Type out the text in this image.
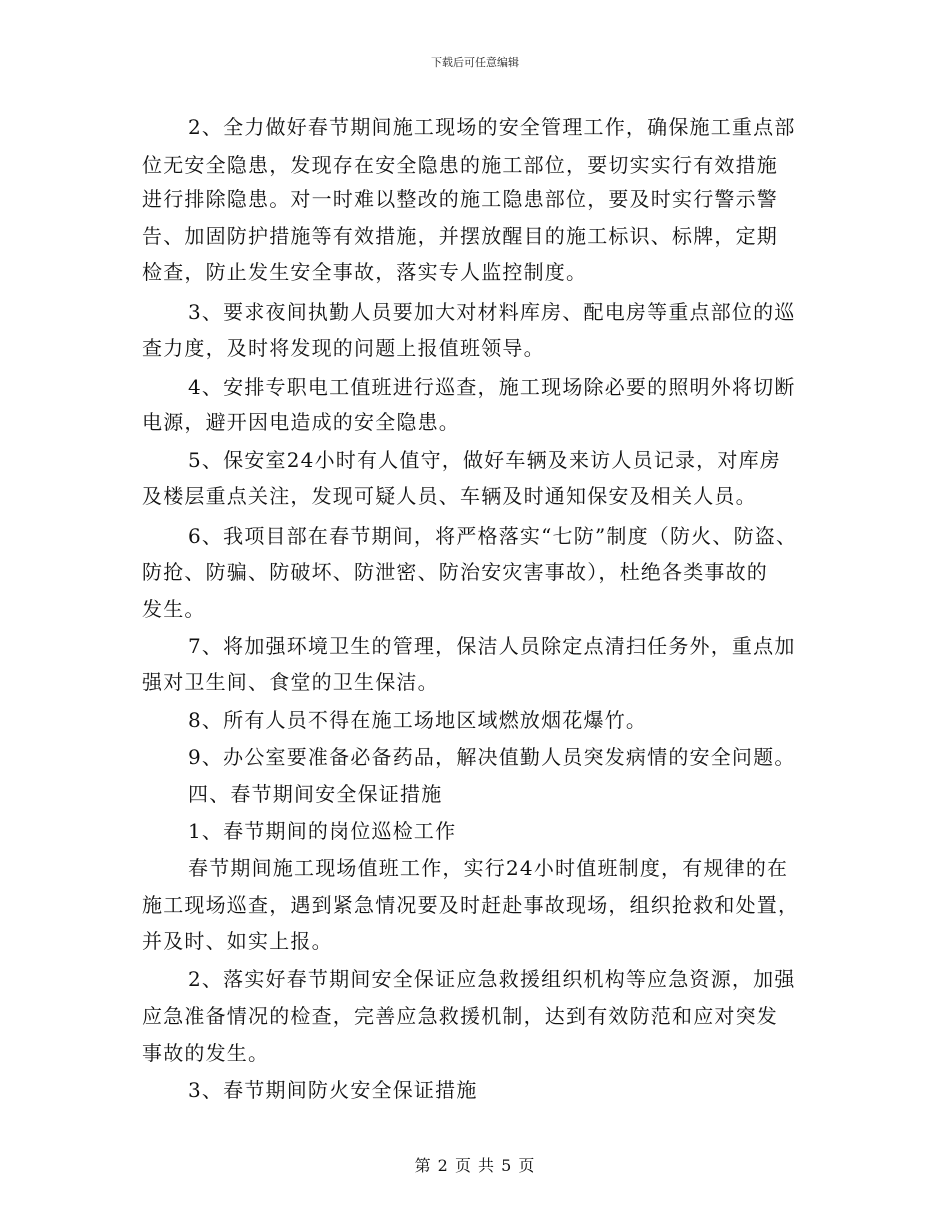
下载后可任意编辑
2、全力做好春节期间施工现场的安全管理工作，确保施工重点部
位无安全隐患，发现存在安全隐患的施工部位，要切实实行有效措施
进行排除隐患。对一时难以整改的施工隐患部位，要及时实行警示警
告、加固防护措施等有效措施，并摆放醒目的施工标识、标牌，定期
检查，防止发生安全事故，落实专人监控制度。
3、要求夜间执勤人员要加大对材料库房、配电房等重点部位的巡
查力度，及时将发现的问题上报值班领导。
4、安排专职电工值班进行巡查，施工现场除必要的照明外将切断
电源，避开因电造成的安全隐患。
5、保安室24小时有人值守，做好车辆及来访人员记录，对库房
及楼层重点关注，发现可疑人员、车辆及时通知保安及相关人员。
6、我项目部在春节期间，将严格落实“七防”制度（防火、防盗、
防抢、防骗、防破坏、防泄密、防治安灾害事故），杜绝各类事故的
发生。
7、将加强环境卫生的管理，保洁人员除定点清扫任务外，重点加
强对卫生间、食堂的卫生保洁。
8、所有人员不得在施工场地区域燃放烟花爆竹。
9、办公室要准备必备药品，解决值勤人员突发病情的安全问题。
四、春节期间安全保证措施
1、春节期间的岗位巡检工作
春节期间施工现场值班工作，实行24小时值班制度，有规律的在
施工现场巡查，遇到紧急情况要及时赶赴事故现场，组织抢救和处置，
并及时、如实上报。
2、落实好春节期间安全保证应急救援组织机构等应急资源，加强
应急准备情况的检查，完善应急救援机制，达到有效防范和应对突发
事故的发生。
3、春节期间防火安全保证措施
第 2 页 共 5 页
